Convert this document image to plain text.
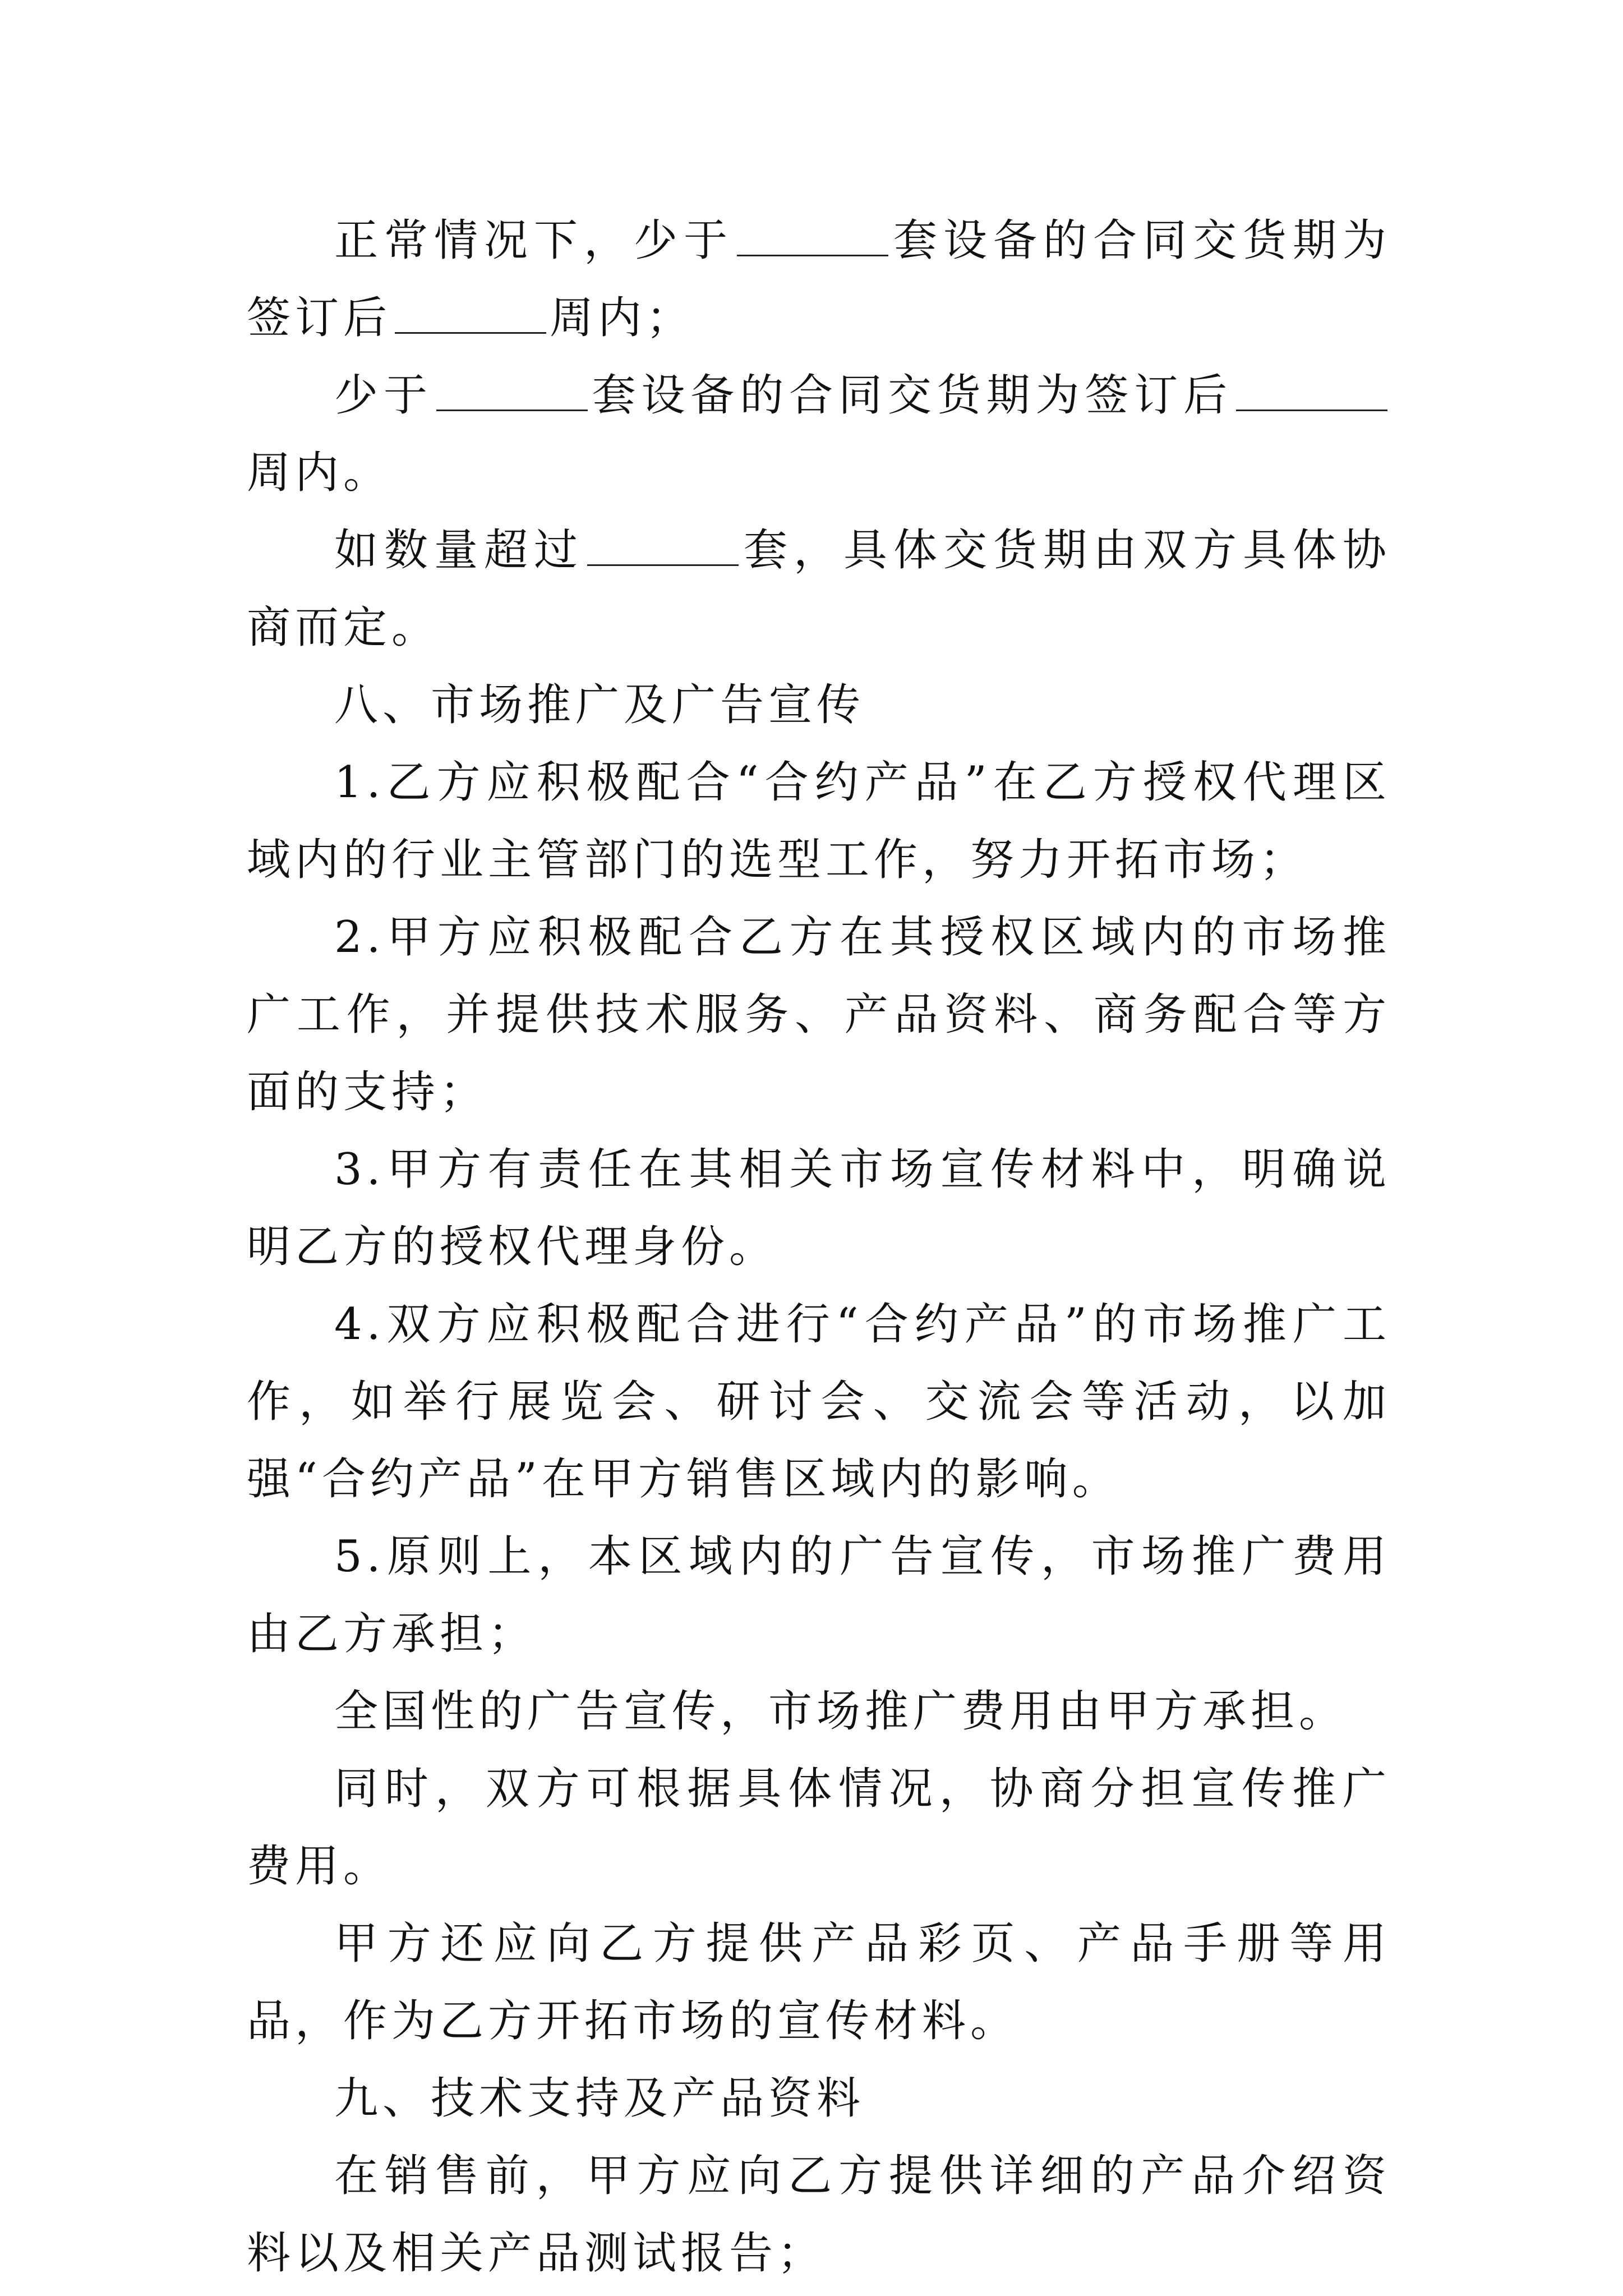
正常情况下，少于	套设备的合同交货期为签订后	周内；

少于	套设备的合同交货期为签订后周内。

如数量超过	套，具体交货期由双方具体协商而定。

八、市场推广及广告宣传

1.乙方应积极配合“合约产品”在乙方授权代理区域内的行业主管部门的选型工作，努力开拓市场；

2.甲方应积极配合乙方在其授权区域内的市场推广工作，并提供技术服务、产品资料、商务配合等方面的支持；

3.甲方有责任在其相关市场宣传材料中，明确说明乙方的授权代理身份。

4.双方应积极配合进行“合约产品”的市场推广工作，如举行展览会、研讨会、交流会等活动，以加强“合约产品”在甲方销售区域内的影响。

5.原则上，本区域内的广告宣传，市场推广费用由乙方承担；

全国性的广告宣传，市场推广费用由甲方承担。

同时，双方可根据具体情况，协商分担宣传推广费用。

甲方还应向乙方提供产品彩页、产品手册等用品，作为乙方开拓市场的宣传材料。

九、技术支持及产品资料

在销售前，甲方应向乙方提供详细的产品介绍资料以及相关产品测试报告；
